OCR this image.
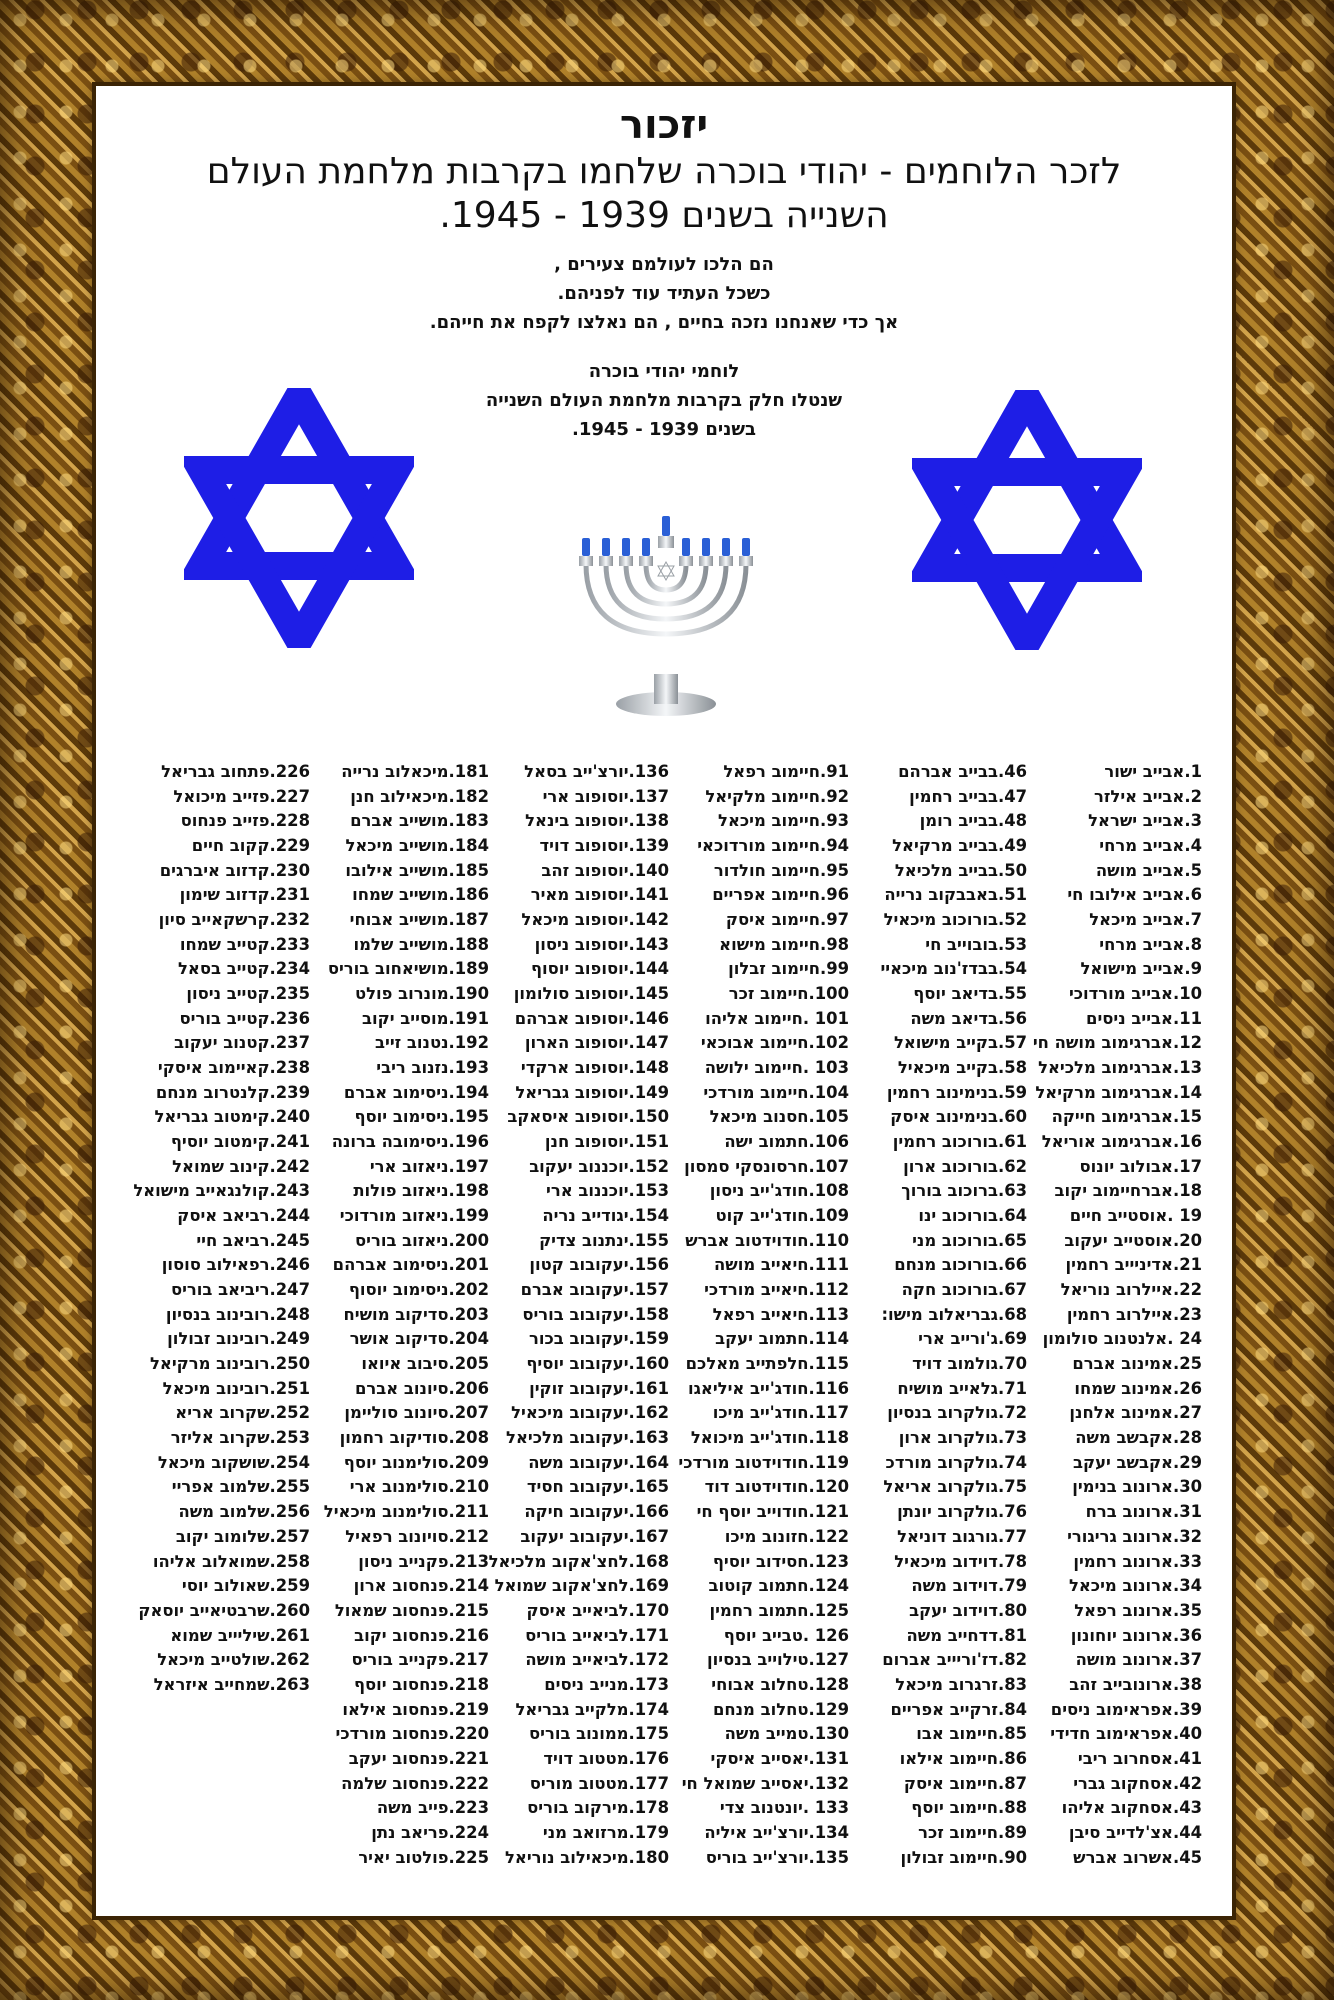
יזכור
לזכר הלוחמים - יהודי בוכרה שלחמו בקרבות מלחמת העולם השנייה בשנים 1939 - 1945.
הם הלכו לעולמם צעירים ,
כשכל העתיד עוד לפניהם.
אך כדי שאנחנו נזכה בחיים , הם נאלצו לקפח את חייהם.
לוחמי יהודי בוכרה
שנטלו חלק בקרבות מלחמת העולם השנייה
בשנים 1939 - 1945.
1.אבייב ישור
2.אבייב אילזר
3.אבייב ישראל
4.אבייב מרחי
5.אבייב מושה
6.אבייב אילובו חי
7.אבייב מיכאל
8.אבייב מרחי
9.אבייב מישואל
10.אבייב מורדוכי
11.אבייב ניסים
12.אברגימוב מושה חי
13.אברגימוב מלכיאל
14.אברגימוב מרקיאל
15.אברגימוב חייקה
16.אברגימוב אוריאל
17.אבולוב יונוס
18.אברחיימוב יקוב
19 .אוסטייב חיים
20.אוסטייב יעקוב
21.אדיניייב רחמין
22.איילרוב נוריאל
23.איילרוב רחמין
24 .אלנטנוב סולומון
25.אמינוב אברם
26.אמינוב שמחו
27.אמינוב אלחנן
28.אקבשב משה
29.אקבשב יעקב
30.ארונוב בנימין
31.ארונוב ברח
32.ארונוב גריגורי
33.ארונוב רחמין
34.ארונוב מיכאל
35.ארונוב רפאל
36.ארונוב יוחונון
37.ארונוב מושה
38.ארונובייב זהב
39.אפראימוב ניסים
40.אפראימוב חדידי
41.אסחרוב ריבי
42.אסחקוב גברי
43.אסחקוב אליהו
44.אצ'לדייב סיבן
45.אשרוב אברש
46.בבייב אברהם
47.בבייב רחמין
48.בבייב רומן
49.בבייב מרקיאל
50.בבייב מלכיאל
51.באבבקוב נרייה
52.בורוכוב מיכאיל
53.בובוייב חי
54.בבדז'נוב מיכאיי
55.בדיאב יוסף
56.בדיאב משה
57.בקייב מישואל
58.בקייב מיכאיל
59.בנימינוב רחמין
60.בנימינוב איסק
61.בורוכוב רחמין
62.בורוכוב ארון
63.ברוכוב בורוך
64.בורוכוב ינו
65.בורוכוב מני
66.בורוכוב מנחם
67.בורוכוב חקה
68.גבריאלוב מישו:
69.ג'ורייב ארי
70.גולמוב דויד
71.גלאייב מושיח
72.גולקרוב בנסיון
73.גולקרוב ארון
74.גולקרוב מורדכ
75.גולקרוב אריאל
76.גולקרוב יונתן
77.גורגוב דוניאל
78.דוידוב מיכאיל
79.דוידוב משה
80.דוידוב יעקב
81.דדחייב משה
82.דז'וריייב אברום
83.זרגרוב מיכאל
84.זרקייב אפריים
85.חיימוב אבו
86.חיימוב אילאו
87.חיימוב איסק
88.חיימוב יוסף
89.חיימוב זכר
90.חיימוב זבולון
91.חיימוב רפאל
92.חיימוב מלקיאל
93.חיימוב מיכאל
94.חיימוב מורדוכאי
95.חיימוב חולדור
96.חיימוב אפריים
97.חיימוב איסק
98.חיימוב מישוא
99.חיימוב זבלון
100.חיימוב זכר
101 .חיימוב אליהו
102.חיימוב אבוכאי
103 .חיימוב ילושה
104.חיימוב מורדכי
105.חסנוב מיכאל
106.חתמוב ישה
107.חרסונסקי סמסון
108.חודג'ייב ניסון
109.חודג'ייב קוט
110.חודוידטוב אברש
111.חיאייב מושה
112.חיאייב מורדכי
113.חיאייב רפאל
114.חתמוב יעקב
115.חלפתייב מאלכם
116.חודג'ייב איליאגו
117.חודג'ייב מיכו
118.חודג'ייב מיכואל
119.חודוידטוב מורדכי
120.חודוידטוב דוד
121.חודוייב יוסף חי
122.חזונוב מיכו
123.חסידוב יוסיף
124.חתמוב קוטוב
125.חתמוב רחמין
126 .טבייב יוסף
127.טילוייב בנסיון
128.טחלוב אבוחי
129.טחלוב מנחם
130.טמייב משה
131.יאסייב איסקי
132.יאסייב שמואל חי
133 .יונטנוב צדי
134.יורצ'ייב איליה
135.יורצ'ייב בוריס
136.יורצ'ייב בסאל
137.יוסופוב ארי
138.יוסופוב בינאל
139.יוסופוב דויד
140.יוסופוב זהב
141.יוסופוב מאיר
142.יוסופוב מיכאל
143.יוסופוב ניסון
144.יוסופוב יוסוף
145.יוסופוב סולומון
146.יוסופוב אברהם
147.יוסופוב הארון
148.יוסופוב ארקדי
149.יוסופוב גבריאל
150.יוסופוב איסאקב
151.יוסופוב חנן
152.יוכננוב יעקוב
153.יוכננוב ארי
154.יגודייב נריה
155.ינתנוב צדיק
156.יעקובוב קטון
157.יעקובוב אברם
158.יעקובוב בוריס
159.יעקובוב בכור
160.יעקובוב יוסיף
161.יעקובוב זוקין
162.יעקובוב מיכאיל
163.יעקובוב מלכיאל
164.יעקובוב משה
165.יעקובוב חסיד
166.יעקובוב חיקה
167.יעקובוב יעקוב
168.לחצ'אקוב מלכיאל
169.לחצ'אקוב שמואל
170.לביאייב איסק
171.לביאייב בוריס
172.לביאייב מושה
173.מנייב ניסים
174.מלקייב גבריאל
175.ממונוב בוריס
176.מטטוב דויד
177.מטטוב מוריס
178.מירקוב בוריס
179.מרזואב מני
180.מיכאילוב נוריאל
181.מיכאלוב נרייה
182.מיכאילוב חנן
183.מושייב אברם
184.מושייב מיכאל
185.מושייב אילובו
186.מושייב שמחו
187.מושייב אבוחי
188.מושייב שלמו
189.מושיאחוב בוריס
190.מונרוב פולט
191.מוסייב יקוב
192.נטנוב זייב
193.נזנוב ריבי
194.ניסימוב אברם
195.ניסימוב יוסף
196.ניסימובה ברונה
197.ניאזוב ארי
198.ניאזוב פולות
199.ניאזוב מורדוכי
200.ניאזוב בוריס
201.ניסימוב אברהם
202.ניסימוב יוסוף
203.סדיקוב מושיח
204.סדיקוב אושר
205.סיבוב איואו
206.סיונוב אברם
207.סיונוב סוליימן
208.סודיקוב רחמון
209.סולימנוב יוסף
210.סולימנוב ארי
211.סולימנוב מיכאיל
212.סויונוב רפאיל
213.פקנייב ניסון
214.פנחסוב ארון
215.פנחסוב שמאול
216.פנחסוב יקוב
217.פקנייב בוריס
218.פנחסוב יוסף
219.פנחסוב אילאו
220.פנחסוב מורדכי
221.פנחסוב יעקב
222.פנחסוב שלמה
223.פייב משה
224.פריאב נתן
225.פולטוב יאיר
226.פתחוב גבריאל
227.פזייב מיכואל
228.פזייב פנחוס
229.קקוב חיים
230.קדזוב איברגים
231.קדזוב שימון
232.קרשקאייב סיון
233.קטייב שמחו
234.קטייב בסאל
235.קטייב ניסון
236.קטייב בוריס
237.קטנוב יעקוב
238.קאיימוב איסקי
239.קלנטרוב מנחם
240.קימטוב גבריאל
241.קימטוב יוסיף
242.קינוב שמואל
243.קולנגאייב מישואל
244.רביאב איסק
245.רביאב חיי
246.רפאילוב סוסון
247.ריביאב בוריס
248.רובינוב בנסיון
249.רובינוב זבולון
250.רובינוב מרקיאל
251.רובינוב מיכאל
252.שקרוב אריא
253.שקרוב אליזר
254.שושקוב מיכאל
255.שלמוב אפריי
256.שלמוב משה
257.שלומוב יקוב
258.שמואלוב אליהו
259.שאולוב יוסי
260.שרבטיאייב יוסאק
261.שיליייב שמוא
262.שולטייב מיכאל
263.שמחייב איזראל
